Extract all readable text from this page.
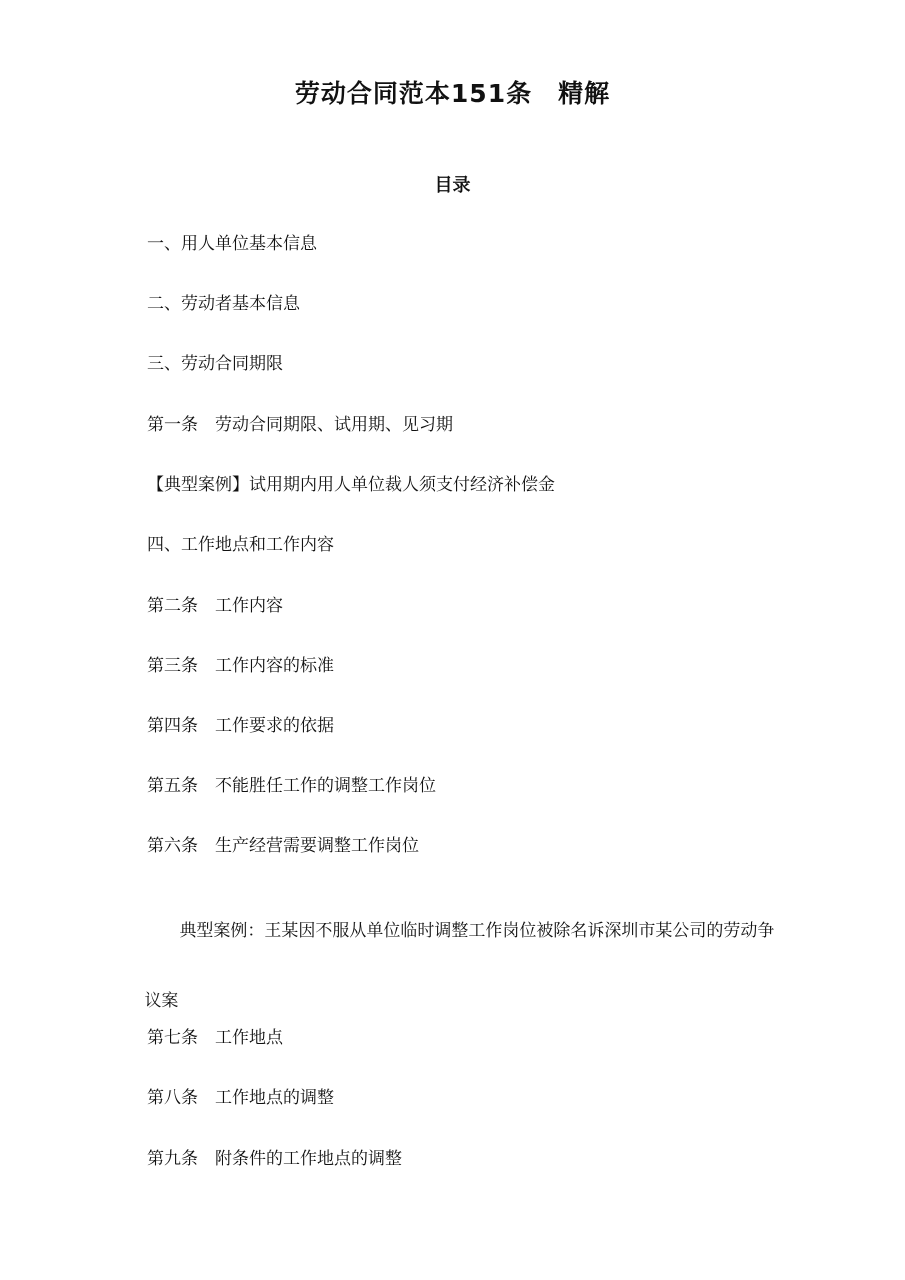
劳动合同范本151条　精解
目录
一、用人单位基本信息
二、劳动者基本信息
三、劳动合同期限
第一条　劳动合同期限、试用期、见习期
【典型案例】试用期内用人单位裁人须支付经济补偿金
四、工作地点和工作内容
第二条　工作内容
第三条　工作内容的标准
第四条　工作要求的依据
第五条　不能胜任工作的调整工作岗位
第六条　生产经营需要调整工作岗位

典型案例：王某因不服从单位临时调整工作岗位被除名诉深圳市某公司的劳动争

议案

第七条　工作地点
第八条　工作地点的调整
第九条　附条件的工作地点的调整
